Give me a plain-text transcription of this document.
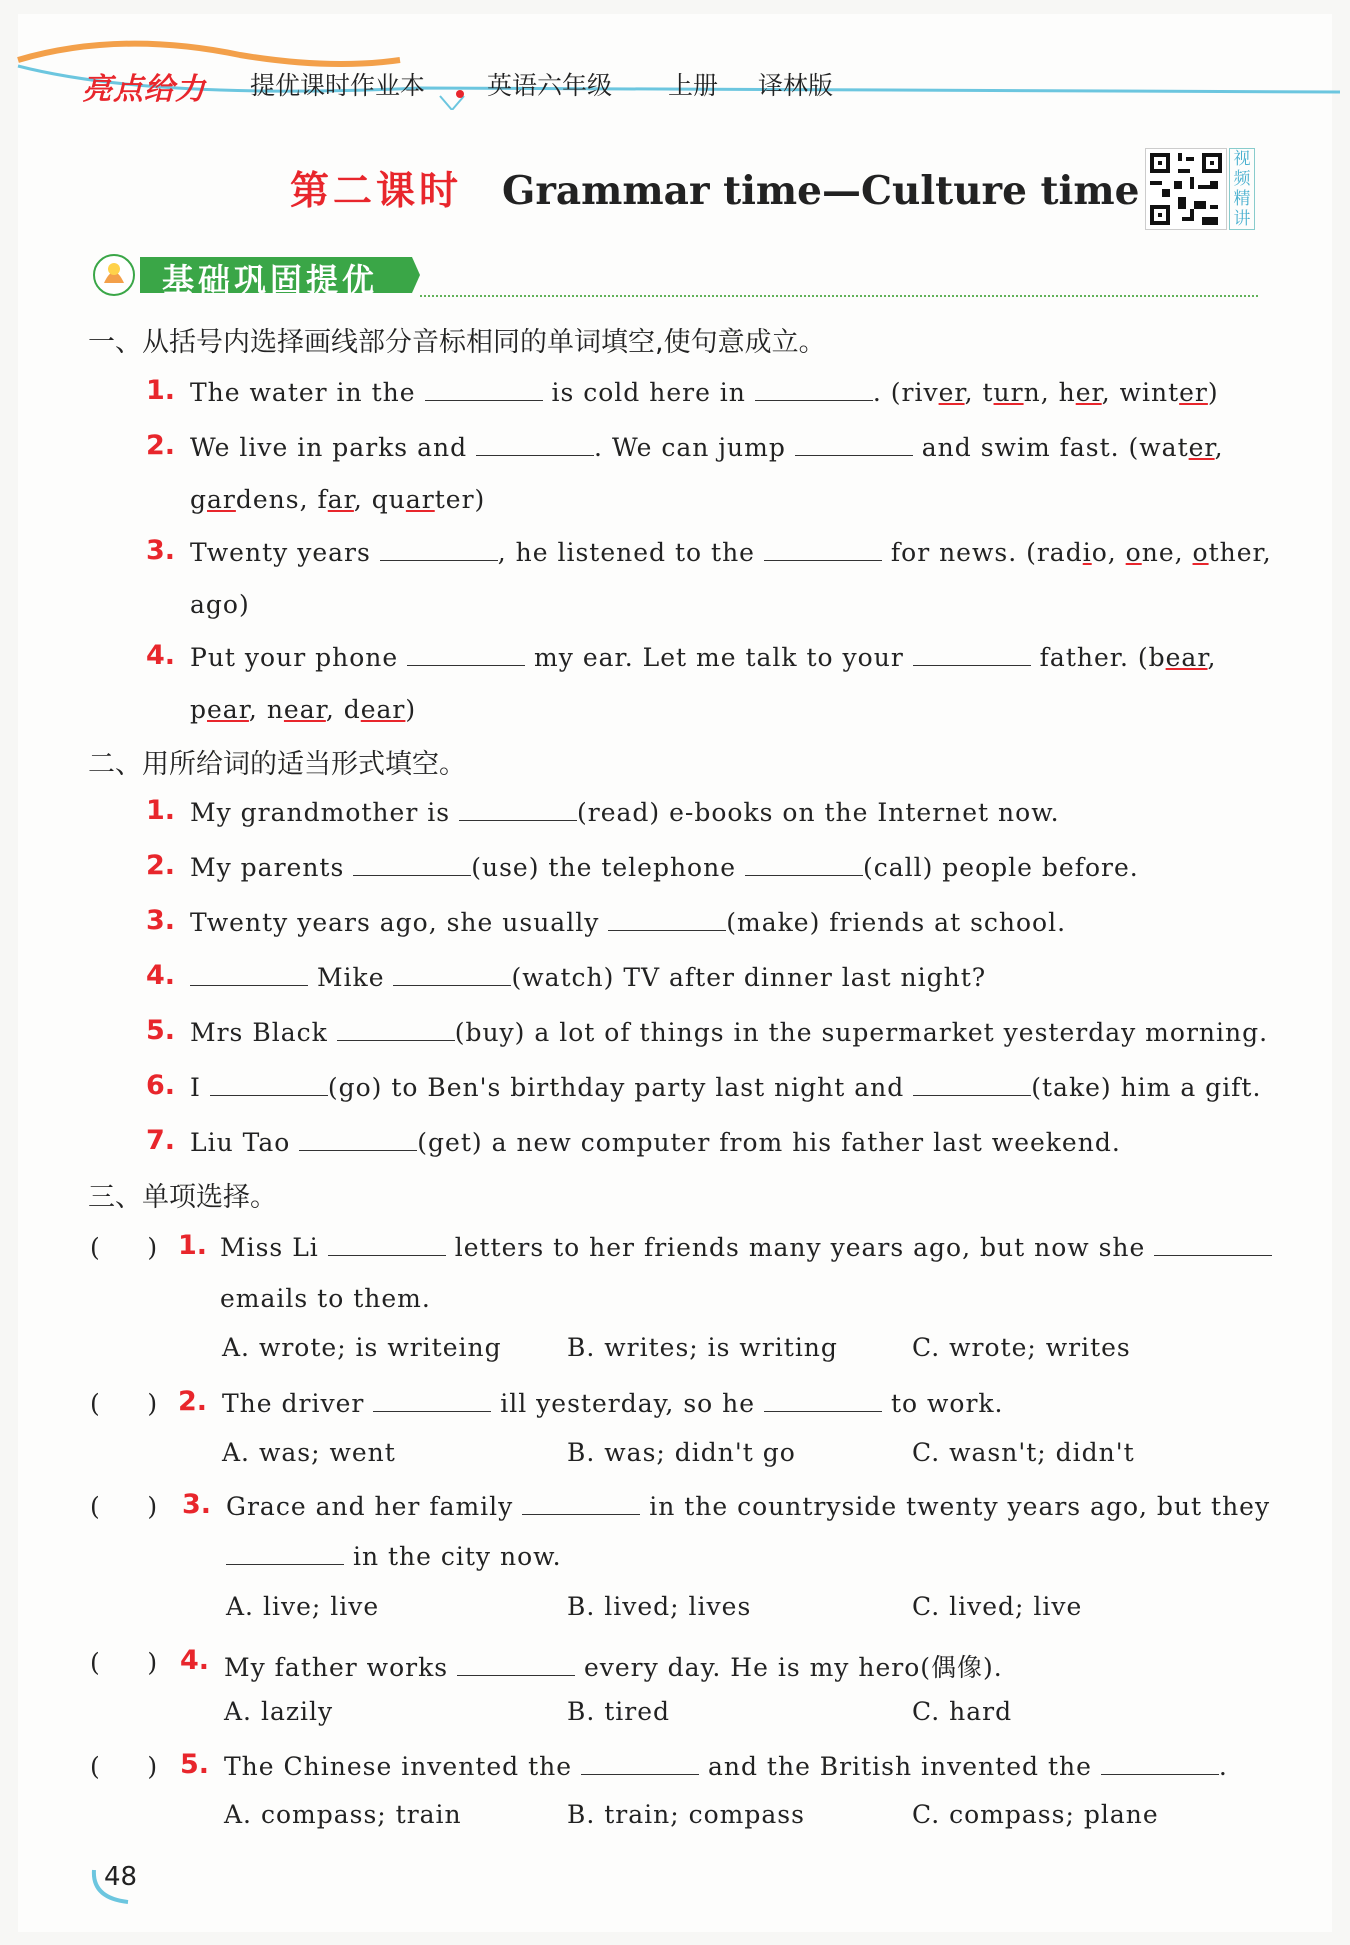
亮点给力 提优课时作业本 英语六年级 上册 译林版
第二课时 Grammar time—Culture time
视频精讲
基础巩固提优
一、从括号内选择画线部分音标相同的单词填空,使句意成立。
1. The water in the	is cold here in	. (river, turn, her, winter)
2. We live in parks and	. We can jump	and swim fast. (water,
gardens, far, quarter)
3. Twenty years	, he listened to the	for news. (radio, one, other,
ago)
4. Put your phone	my ear. Let me talk to your	father. (bear,
pear, near, dear)
二、用所给词的适当形式填空。
1. My grandmother is	(read) e-books on the Internet now.
2. My parents	(use) the telephone	(call) people before.
3. Twenty years ago, she usually	(make) friends at school.
4.	Mike	(watch) TV after dinner last night?
5. Mrs Black	(buy) a lot of things in the supermarket yesterday morning.
6. I	(go) to Ben's birthday party last night and	(take) him a gift.
7. Liu Tao	(get) a new computer from his father last weekend.
三、单项选择。
(      ) 1. Miss Li	letters to her friends many years ago, but now she
emails to them.
A. wrote; is writeing	B. writes; is writing	C. wrote; writes
(      ) 2. The driver	ill yesterday, so he	to work.
A. was; went	B. was; didn't go	C. wasn't; didn't
(      ) 3. Grace and her family	in the countryside twenty years ago, but they
in the city now.
A. live; live	B. lived; lives	C. lived; live
(      ) 4. My father works	every day. He is my hero(偶像).
A. lazily	B. tired	C. hard
(      ) 5. The Chinese invented the	and the British invented the	.
A. compass; train	B. train; compass	C. compass; plane
48
